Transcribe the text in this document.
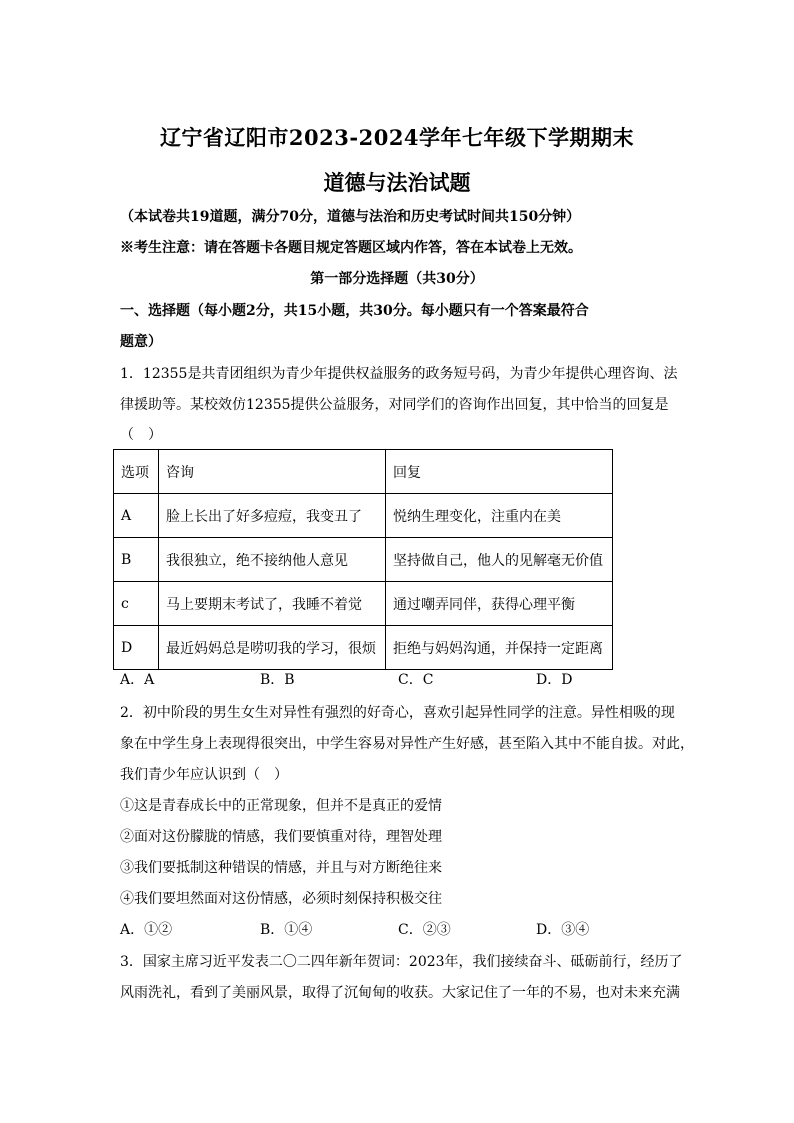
辽宁省辽阳市2023-2024学年七年级下学期期末
道德与法治试题
（本试卷共19道题，满分70分，道德与法治和历史考试时间共150分钟）
※考生注意：请在答题卡各题目规定答题区域内作答，答在本试卷上无效。
第一部分选择题（共30分）
一、选择题（每小题2分，共15小题，共30分。每小题只有一个答案最符合
题意）
1．12355是共青团组织为青少年提供权益服务的政务短号码，为青少年提供心理咨询、法
律援助等。某校效仿12355提供公益服务，对同学们的咨询作出回复，其中恰当的回复是
（　）
选项	咨询	回复
A	脸上长出了好多痘痘，我变丑了	悦纳生理变化，注重内在美
B	我很独立，绝不接纳他人意见	坚持做自己，他人的见解毫无价值
c	马上要期末考试了，我睡不着觉	通过嘲弄同伴，获得心理平衡
D	最近妈妈总是唠叨我的学习，很烦	拒绝与妈妈沟通，并保持一定距离
A．A	B．B	C．C	D．D
2．初中阶段的男生女生对异性有强烈的好奇心，喜欢引起异性同学的注意。异性相吸的现
象在中学生身上表现得很突出，中学生容易对异性产生好感，甚至陷入其中不能自拔。对此，
我们青少年应认识到（　）
①这是青春成长中的正常现象，但并不是真正的爱情
②面对这份朦胧的情感，我们要慎重对待，理智处理
③我们要抵制这种错误的情感，并且与对方断绝往来
④我们要坦然面对这份情感，必须时刻保持积极交往
A．①②	B．①④	C．②③	D．③④
3．国家主席习近平发表二〇二四年新年贺词：2023年，我们接续奋斗、砥砺前行，经历了
风雨洗礼，看到了美丽风景，取得了沉甸甸的收获。大家记住了一年的不易，也对未来充满
